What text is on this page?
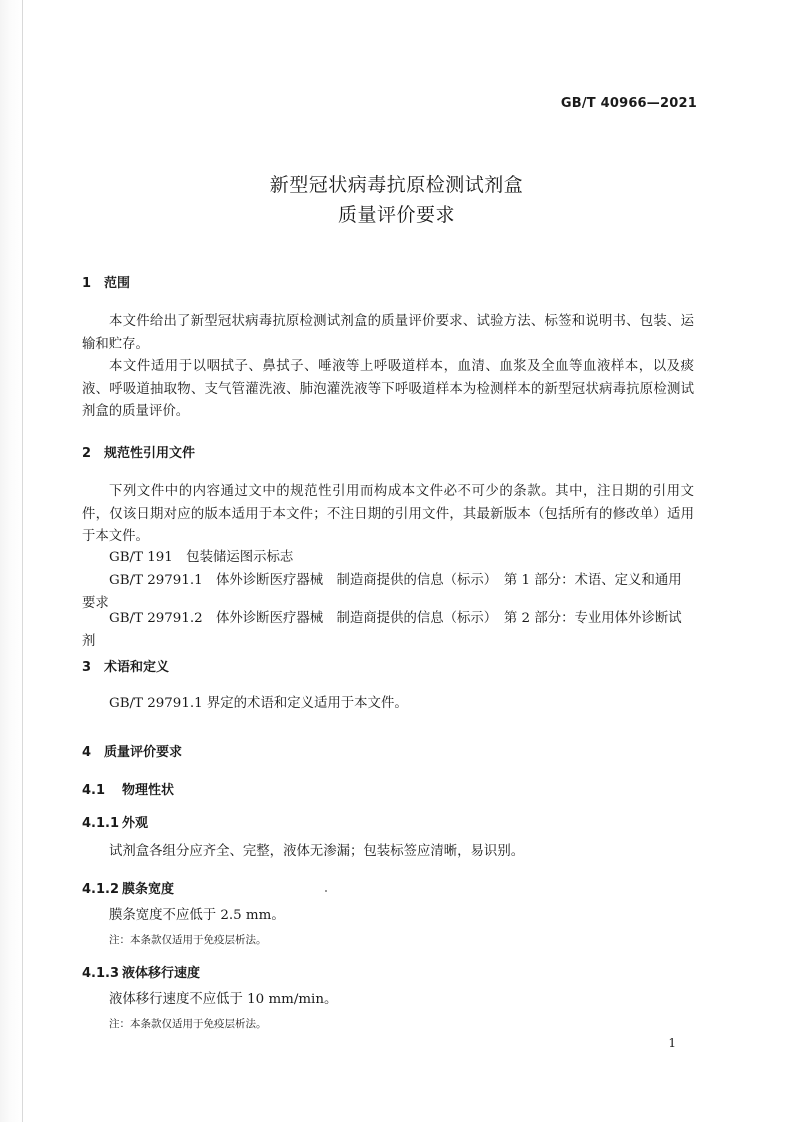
GB/T 40966—2021
新型冠状病毒抗原检测试剂盒
质量评价要求
1 范围

本文件给出了新型冠状病毒抗原检测试剂盒的质量评价要求、试验方法、标签和说明书、包装、运输和贮存。

本文件适用于以咽拭子、鼻拭子、唾液等上呼吸道样本，血清、血浆及全血等血液样本，以及痰液、呼吸道抽取物、支气管灌洗液、肺泡灌洗液等下呼吸道样本为检测样本的新型冠状病毒抗原检测试剂盒的质量评价。

2 规范性引用文件

下列文件中的内容通过文中的规范性引用而构成本文件必不可少的条款。其中，注日期的引用文件，仅该日期对应的版本适用于本文件；不注日期的引用文件，其最新版本（包括所有的修改单）适用于本文件。

GB/T 191　包装储运图示标志

GB/T 29791.1　体外诊断医疗器械　制造商提供的信息（标示）　第 1 部分：术语、定义和通用要求

GB/T 29791.2　体外诊断医疗器械　制造商提供的信息（标示）　第 2 部分：专业用体外诊断试剂

3 术语和定义

GB/T 29791.1 界定的术语和定义适用于本文件。

4 质量评价要求
4.1 物理性状
4.1.1 外观

试剂盒各组分应齐全、完整，液体无渗漏；包装标签应清晰，易识别。

4.1.2 膜条宽度

膜条宽度不应低于 2.5 mm。

注：本条款仅适用于免疫层析法。
4.1.3 液体移行速度

液体移行速度不应低于 10 mm/min。

注：本条款仅适用于免疫层析法。
1
